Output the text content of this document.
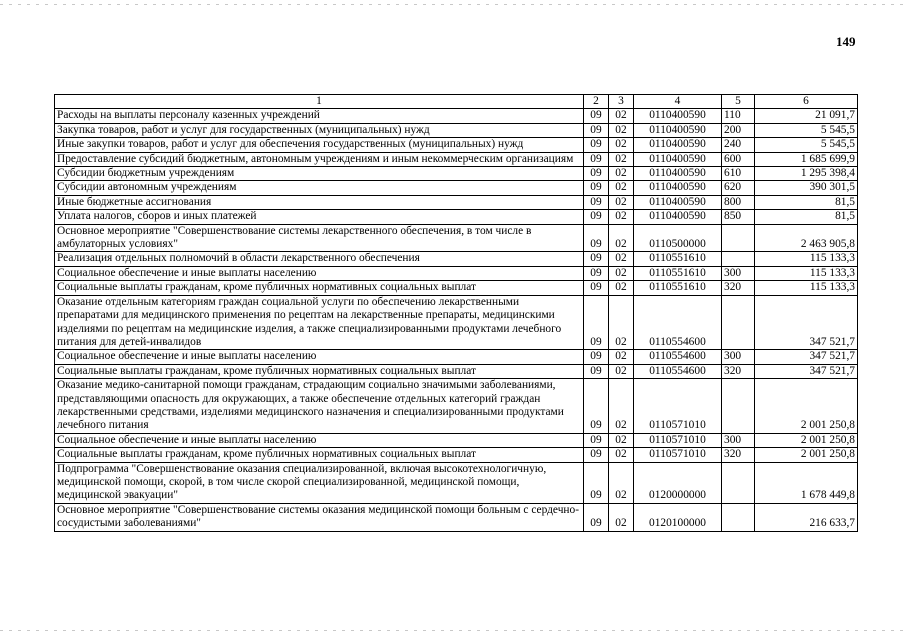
149
1	2	3	4	5	6
Расходы на выплаты персоналу казенных учреждений	09	02	0110400590	110	21 091,7
Закупка товаров, работ и услуг для государственных (муниципальных) нужд	09	02	0110400590	200	5 545,5
Иные закупки товаров, работ и услуг для обеспечения государственных (муниципальных) нужд	09	02	0110400590	240	5 545,5
Предоставление субсидий бюджетным, автономным учреждениям и иным некоммерческим организациям	09	02	0110400590	600	1 685 699,9
Субсидии бюджетным учреждениям	09	02	0110400590	610	1 295 398,4
Субсидии автономным учреждениям	09	02	0110400590	620	390 301,5
Иные бюджетные ассигнования	09	02	0110400590	800	81,5
Уплата налогов, сборов и иных платежей	09	02	0110400590	850	81,5
Основное мероприятие "Совершенствование системы лекарственного обеспечения, в том числе в амбулаторных условиях"	09	02	0110500000		2 463 905,8
Реализация отдельных полномочий в области лекарственного обеспечения	09	02	0110551610		115 133,3
Социальное обеспечение и иные выплаты населению	09	02	0110551610	300	115 133,3
Социальные выплаты гражданам, кроме публичных нормативных социальных выплат	09	02	0110551610	320	115 133,3
Оказание отдельным категориям граждан социальной услуги по обеспечению лекарственными препаратами для медицинского применения по рецептам на лекарственные препараты, медицинскими изделиями по рецептам на медицинские изделия, а также специализированными продуктами лечебного питания для детей-инвалидов	09	02	0110554600		347 521,7
Социальное обеспечение и иные выплаты населению	09	02	0110554600	300	347 521,7
Социальные выплаты гражданам, кроме публичных нормативных социальных выплат	09	02	0110554600	320	347 521,7
Оказание медико-санитарной помощи гражданам, страдающим социально значимыми заболеваниями, представляющими опасность для окружающих, а также обеспечение отдельных категорий граждан лекарственными средствами, изделиями медицинского назначения и специализированными продуктами лечебного питания	09	02	0110571010		2 001 250,8
Социальное обеспечение и иные выплаты населению	09	02	0110571010	300	2 001 250,8
Социальные выплаты гражданам, кроме публичных нормативных социальных выплат	09	02	0110571010	320	2 001 250,8
Подпрограмма "Совершенствование оказания специализированной, включая высокотехнологичную, медицинской помощи, скорой, в том числе скорой специализированной, медицинской помощи, медицинской эвакуации"	09	02	0120000000		1 678 449,8
Основное мероприятие "Совершенствование системы оказания медицинской помощи больным с сердечно-сосудистыми заболеваниями"	09	02	0120100000		216 633,7
